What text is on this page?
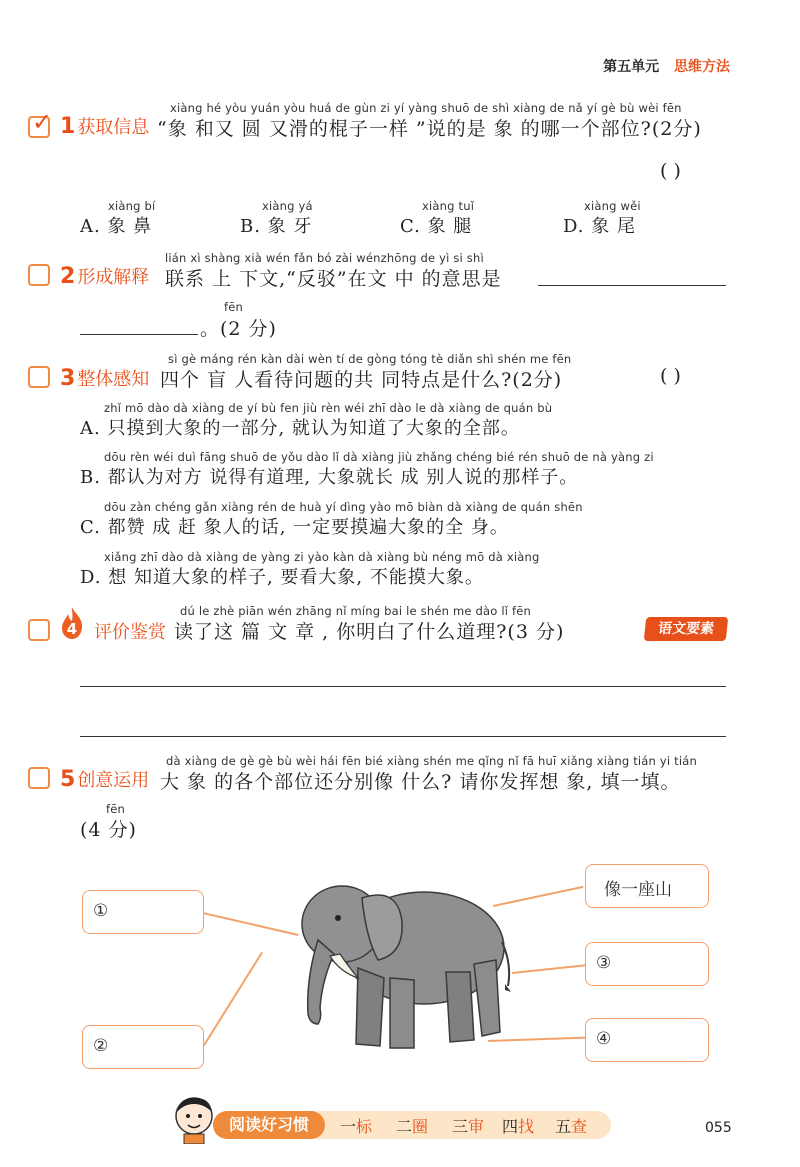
第五单元 思维方法
✓ 1 获取信息
xiàng hé yòu yuán yòu huá de gùn zi yí yàng shuō de shì xiàng de nǎ yí gè bù wèi fēn
“象 和又 圆 又滑的棍子一样 ”说的是 象 的哪一个部位?(2分)
( )
xiàng bí
A. 象 鼻
xiàng yá
B. 象 牙
xiàng tuǐ
C. 象 腿
xiàng wěi
D. 象 尾
2 形成解释
lián xì shàng xià wén fǎn bó zài wénzhōng de yì si shì
联系 上 下文,“反驳”在文 中 的意思是
fēn
。(2 分)
3 整体感知
sì gè máng rén kàn dài wèn tí de gòng tóng tè diǎn shì shén me fēn
四个 盲 人看待问题的共 同特点是什么?(2分)	( )
zhǐ mō dào dà xiàng de yí bù fen jiù rèn wéi zhī dào le dà xiàng de quán bù
A. 只摸到大象的一部分, 就认为知道了大象的全部。
dōu rèn wéi duì fāng shuō de yǒu dào lǐ dà xiàng jiù zhǎng chéng bié rén shuō de nà yàng zi
B. 都认为对方 说得有道理, 大象就长 成 别人说的那样子。
dōu zàn chéng gǎn xiàng rén de huà yí dìng yào mō biàn dà xiàng de quán shēn
C. 都赞 成 赶 象人的话, 一定要摸遍大象的全 身。
xiǎng zhī dào dà xiàng de yàng zi yào kàn dà xiàng bù néng mō dà xiàng
D. 想 知道大象的样子, 要看大象, 不能摸大象。
4 评价鉴赏
dú le zhè piān wén zhāng nǐ míng bai le shén me dào lǐ fēn
读了这 篇 文 章 , 你明白了什么道理?(3 分)	语文要素
5 创意运用
dà xiàng de gè gè bù wèi hái fēn bié xiàng shén me qǐng nǐ fā huī xiǎng xiàng tián yi tián
大 象 的各个部位还分别像 什么? 请你发挥想 象, 填一填。
fēn
(4 分)
①
②
像一座山
③
④
阅读好习惯	一标 二圈 三审 四找 五查	055
